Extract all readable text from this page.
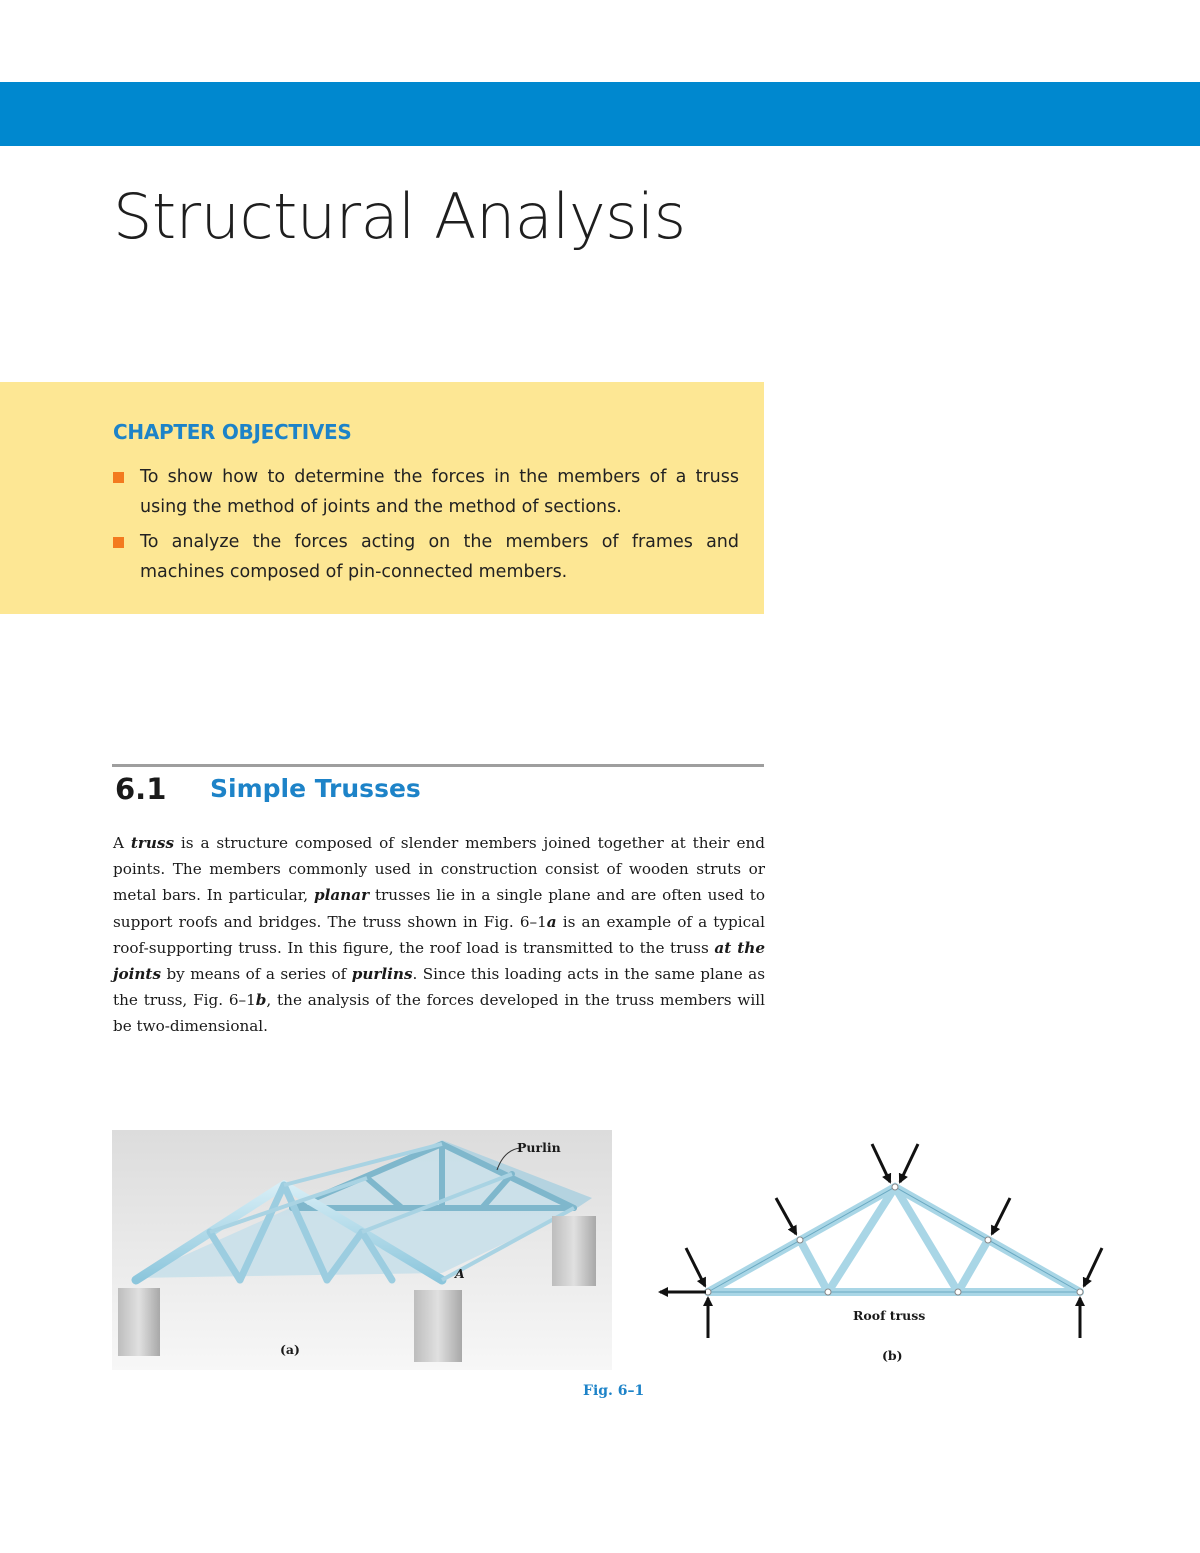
Structural Analysis
CHAPTER OBJECTIVES
To show how to determine the forces in the members of a truss using the method of joints and the method of sections.
To analyze the forces acting on the members of frames and machines composed of pin-connected members.
6.1 Simple Trusses

A truss is a structure composed of slender members joined together at their end points. The members commonly used in construction consist of wooden struts or metal bars. In particular, planar trusses lie in a single plane and are often used to support roofs and bridges. The truss shown in Fig. 6–1a is an example of a typical roof-supporting truss. In this figure, the roof load is transmitted to the truss at the joints by means of a series of purlins. Since this loading acts in the same plane as the truss, Fig. 6–1b, the analysis of the forces developed in the truss members will be two-dimensional.

Purlin
A
(a)
Roof truss
(b)
Fig. 6–1
